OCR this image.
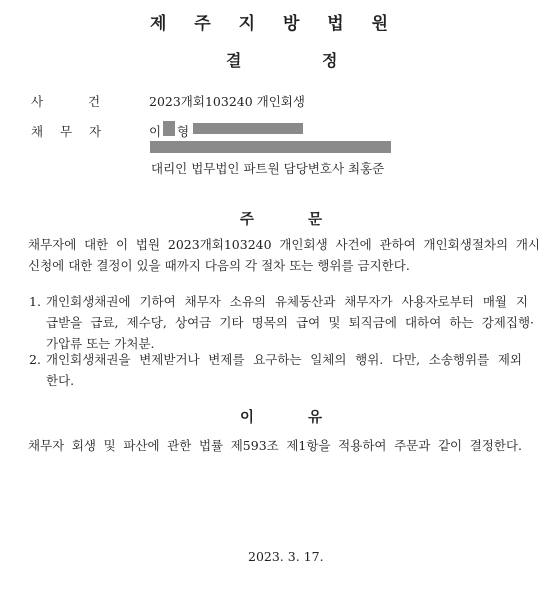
제 주 지 방 법 원
결	정
사	건	2023개회103240 개인회생
채 무 자	이 형
대리인 법무법인 파트원 담당변호사 최홍준
주	문
채무자에 대한 이 법원 2023개회103240 개인회생 사건에 관하여 개인회생절차의 개시
신청에 대한 결정이 있을 때까지 다음의 각 절차 또는 행위를 금지한다.
1. 개인회생채권에 기하여 채무자 소유의 유체동산과 채무자가 사용자로부터 매월 지
급받을 급료, 제수당, 상여금 기타 명목의 급여 및 퇴직금에 대하여 하는 강제집행·
가압류 또는 가처분.
2. 개인회생채권을 변제받거나 변제를 요구하는 일체의 행위. 다만, 소송행위를 제외
한다.
이	유
채무자 회생 및 파산에 관한 법률 제593조 제1항을 적용하여 주문과 같이 결정한다.
2023. 3. 17.
